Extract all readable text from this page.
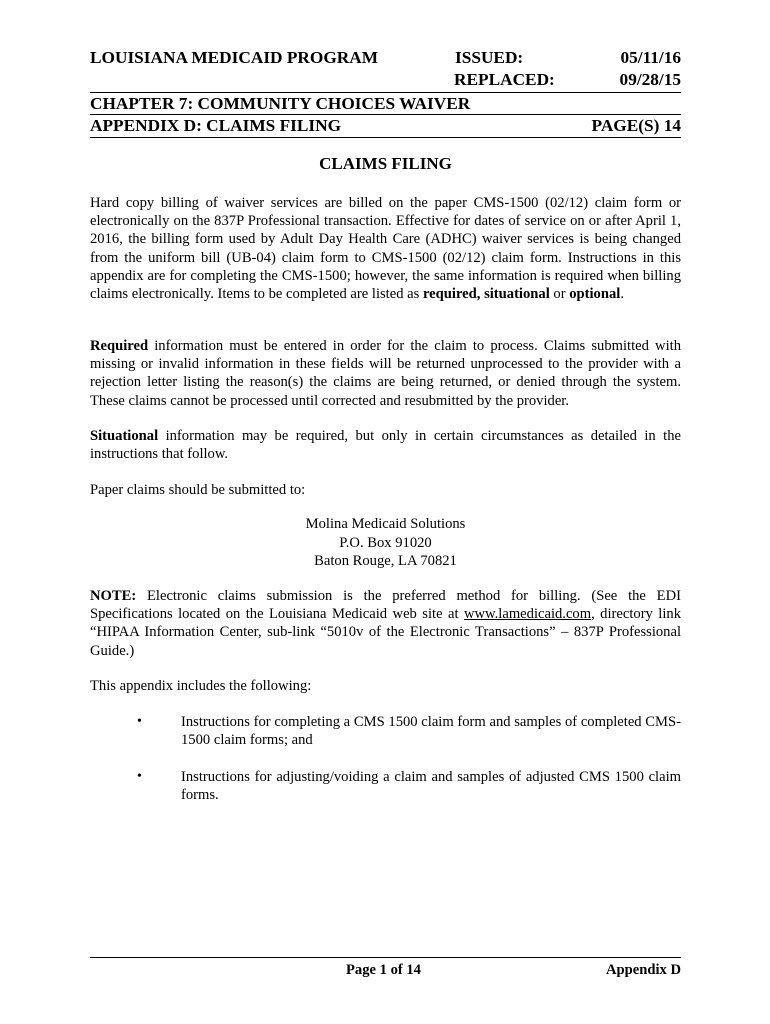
LOUISIANA MEDICAID PROGRAM	ISSUED:	05/11/16
REPLACED:	09/28/15
CHAPTER 7: COMMUNITY CHOICES WAIVER
APPENDIX D: CLAIMS FILING	PAGE(S) 14
CLAIMS FILING
Hard copy billing of waiver services are billed on the paper CMS-1500 (02/12) claim form or electronically on the 837P Professional transaction. Effective for dates of service on or after April 1, 2016, the billing form used by Adult Day Health Care (ADHC) waiver services is being changed from the uniform bill (UB-04) claim form to CMS-1500 (02/12) claim form. Instructions in this appendix are for completing the CMS-1500; however, the same information is required when billing claims electronically. Items to be completed are listed as required, situational or optional.
Required information must be entered in order for the claim to process. Claims submitted with missing or invalid information in these fields will be returned unprocessed to the provider with a rejection letter listing the reason(s) the claims are being returned, or denied through the system. These claims cannot be processed until corrected and resubmitted by the provider.
Situational information may be required, but only in certain circumstances as detailed in the instructions that follow.
Paper claims should be submitted to:
Molina Medicaid Solutions
P.O. Box 91020
Baton Rouge, LA 70821
NOTE: Electronic claims submission is the preferred method for billing. (See the EDI Specifications located on the Louisiana Medicaid web site at www.lamedicaid.com, directory link “HIPAA Information Center, sub-link “5010v of the Electronic Transactions” – 837P Professional Guide.)
This appendix includes the following:
•	Instructions for completing a CMS 1500 claim form and samples of completed CMS-1500 claim forms; and
•	Instructions for adjusting/voiding a claim and samples of adjusted CMS 1500 claim forms.
Page 1 of 14	Appendix D
